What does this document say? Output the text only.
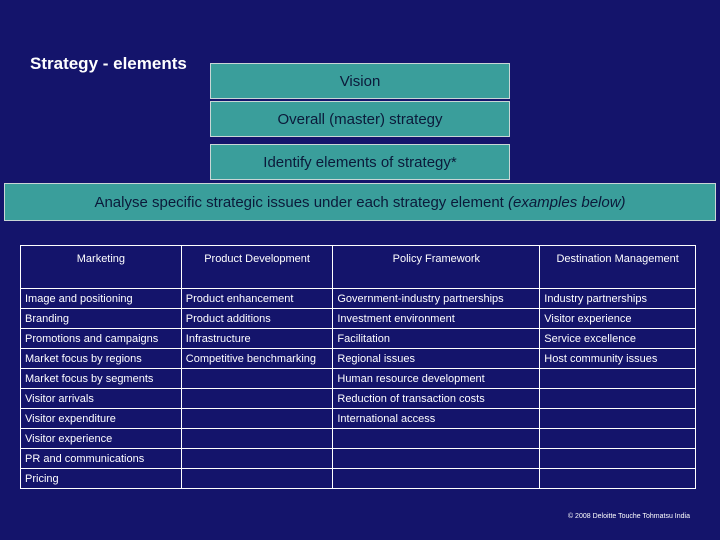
Strategy - elements
Vision
Overall (master) strategy
Identify elements of strategy*
Analyse specific strategic issues under each strategy element (examples below)
Marketing	Product Development	Policy Framework	Destination Management
Image and positioning	Product enhancement	Government-industry partnerships	Industry partnerships
Branding	Product additions	Investment environment	Visitor experience
Promotions and campaigns	Infrastructure	Facilitation	Service excellence
Market focus by regions	Competitive benchmarking	Regional issues	Host community issues
Market focus by segments		Human resource development	
Visitor arrivals		Reduction of transaction costs	
Visitor expenditure		International access	
Visitor experience			
PR and communications			
Pricing			
© 2008 Deloitte Touche Tohmatsu India
